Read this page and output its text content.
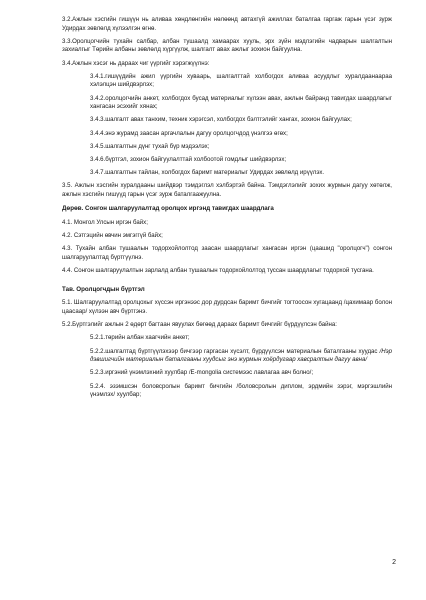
3.2.Ажлын хэсгийн гишүүн нь аливаа хөндлөнгийн нөлөөнд автахгүй ажиллах баталгаа гаргаж гарын үсэг зурж Удирдах зөвлөлд хүлээлгэн өгнө.

3.3.Оролцогчийн тухайн салбар, албан тушаалд хамаарах хууль, эрх зүйн мэдлэгийн чадварын шалгалтын захиалгыг Төрийн албаны зөвлөлд хүргүүлж, шалгалт авах ажлыг зохион байгуулна.

3.4.Ажлын хэсэг нь дараах чиг үүргийг хэрэгжүүлнэ:

3.4.1.гишүүдийн ажил үүргийн хуваарь, шалгалттай холбогдох аливаа асуудлыг хуралдаанаараа хэлэлцэн шийдвэрлэх;

3.4.2.оролцогчийн анкет, холбогдох бусад материалыг хүлээн авах, ажлын байранд тавигдах шаардлагыг хангасан эсэхийг хянах;

3.4.3.шалгалт авах танхим, техник хэрэгсэл, холбогдох бэлтгэлийг хангах, зохион байгуулах;

3.4.4.энэ журамд заасан аргачлалын дагуу оролцогчдод үнэлгээ өгөх;

3.4.5.шалгалтын дүнг тухай бүр мэдээлэх;

3.4.6.бүртгэл, зохион байгуулалттай холбоотой гомдлыг шийдвэрлэх;

3.4.7.шалгалтын тайлан, холбогдох баримт материалыг Удирдах зөвлөлд ирүүлэх.

3.5. Ажлын хэсгийн хуралдааны шийдвэр тэмдэглэл хэлбэртэй байна. Тэмдэглэлийг зохих журмын дагуу хөтөлж, ажлын хэсгийн гишүүд гарын үсэг зурж баталгаажуулна.

Дөрөв. Сонгон шалгаруулалтад оролцох иргэнд тавигдах шаардлага

4.1. Монгол Улсын иргэн байх;

4.2. Сэтгэцийн өвчин эмгэггүй байх;

4.3. Тухайн албан тушаалын тодорхойлолтод заасан шаардлагыг хангасан иргэн (цаашид "оролцогч") сонгон шалгаруулалтад бүртгүүлнэ.

4.4. Сонгон шалгаруулалтын зарлалд албан тушаалын тодорхойлолтод туссан шаардлагыг тодорхой тусгана.

Тав. Оролцогчдын бүртгэл

5.1. Шалгаруулалтад оролцохыг хүссэн иргэнээс дор дурдсан баримт бичгийг тогтоосон хугацаанд /цахимаар болон цаасаар/ хүлээн авч бүртгэнэ.

5.2.Бүртгэлийг ажлын 2 өдөрт багтаан явуулах бөгөөд дараах баримт бичгийг бүрдүүлсэн байна:

5.2.1.төрийн албан хаагчийн анкет;

5.2.2.шалгалтад бүртгүүлэхээр бичгээр гаргасан хүсэлт, бүрдүүлсэн материалын баталгааны хуудас /Нэр дэвшигчийн материалын баталгааны хуудсыг энэ журмын хоёрдугаар хавсралтын дагуу авна/

5.2.3.иргэний үнэмлэхний хуулбар /E-mongolia системээс лавлагаа авч болно/;

5.2.4. эзэмшсэн боловсролын баримт бичгийн /боловсролын диплом, эрдмийн зэрэг, мэргэшлийн үнэмлэх/ хуулбар;

2
